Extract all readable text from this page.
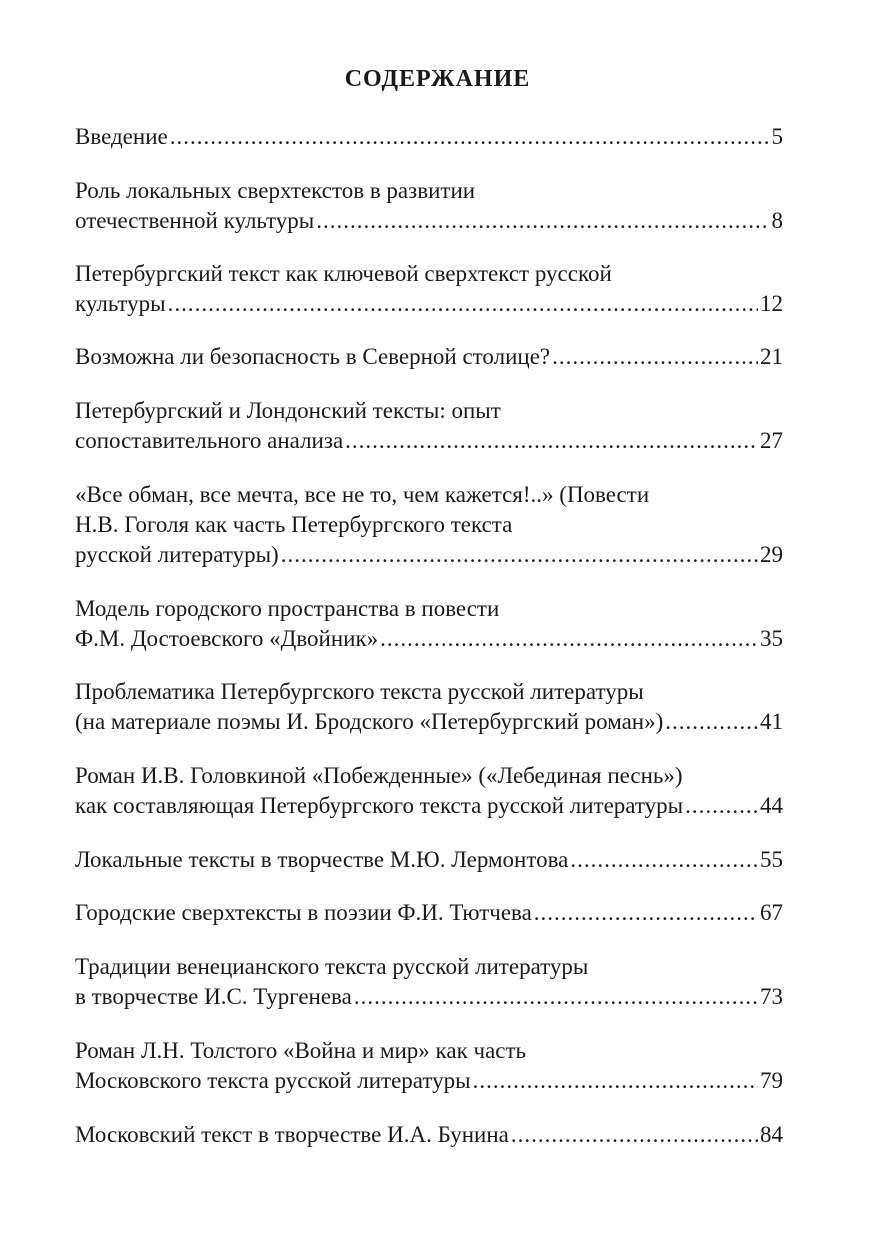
СОДЕРЖАНИЕ
Введение .....	5
Роль локальных сверхтекстов в развитии
отечественной культуры .....	8
Петербургский текст как ключевой сверхтекст русской
культуры .....	12
Возможна ли безопасность в Северной столице? .....	21
Петербургский и Лондонский тексты: опыт
сопоставительного анализа .....	27
«Все обман, все мечта, все не то, чем кажется!..» (Повести
Н.В. Гоголя как часть Петербургского текста
русской литературы) .....	29
Модель городского пространства в повести
Ф.М. Достоевского «Двойник» .....	35
Проблематика Петербургского текста русской литературы
(на материале поэмы И. Бродского «Петербургский роман») .....	41
Роман И.В. Головкиной «Побежденные» («Лебединая песнь»)
как составляющая Петербургского текста русской литературы .....	44
Локальные тексты в творчестве М.Ю. Лермонтова .....	55
Городские сверхтексты в поэзии Ф.И. Тютчева .....	67
Традиции венецианского текста русской литературы
в творчестве И.С. Тургенева .....	73
Роман Л.Н. Толстого «Война и мир» как часть
Московского текста русской литературы .....	79
Московский текст в творчестве И.А. Бунина .....	84
